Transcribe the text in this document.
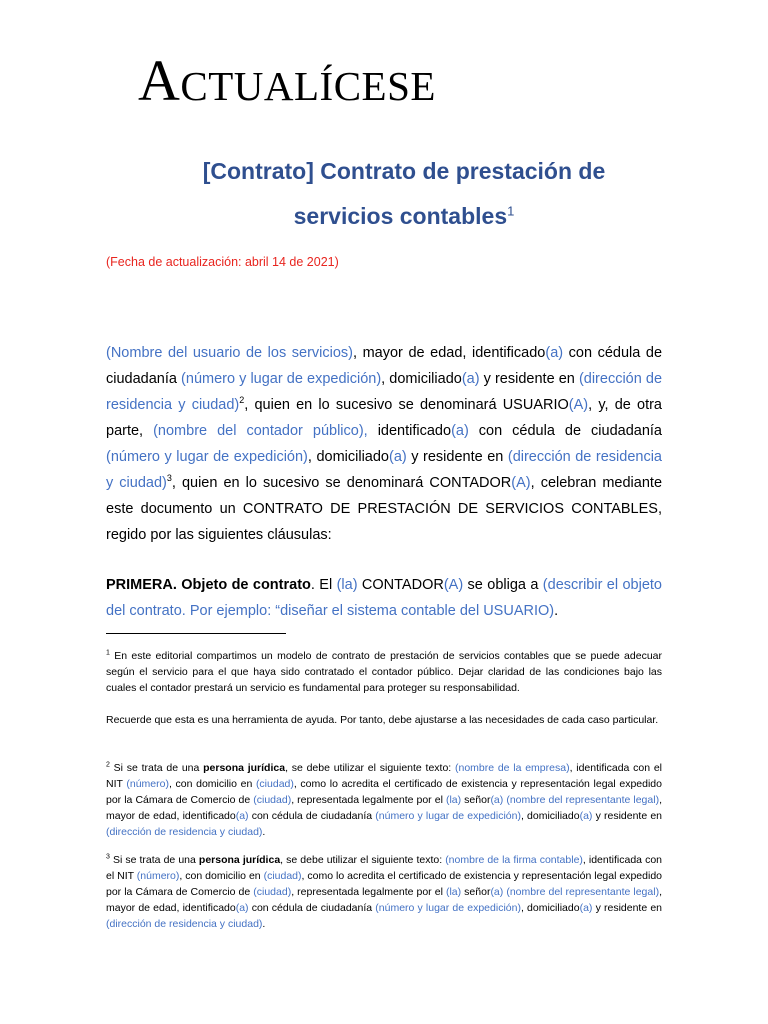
Actualícese
[Contrato] Contrato de prestación de
servicios contables$^1$

(Fecha de actualización: abril 14 de 2021)

(Nombre del usuario de los servicios), mayor de edad, identificado(a) con cédula de ciudadanía (número y lugar de expedición), domiciliado(a) y residente en (dirección de residencia y ciudad)$^2$, quien en lo sucesivo se denominará USUARIO(A), y, de otra parte, (nombre del contador público), identificado(a) con cédula de ciudadanía (número y lugar de expedición), domiciliado(a) y residente en (dirección de residencia y ciudad)$^3$, quien en lo sucesivo se denominará CONTADOR(A), celebran mediante este documento un CONTRATO DE PRESTACIÓN DE SERVICIOS CONTABLES, regido por las siguientes cláusulas:

PRIMERA. Objeto de contrato. El (la) CONTADOR(A) se obliga a (describir el objeto del contrato. Por ejemplo: “diseñar el sistema contable del USUARIO).

$^1$ En este editorial compartimos un modelo de contrato de prestación de servicios contables que se puede adecuar según el servicio para el que haya sido contratado el contador público. Dejar claridad de las condiciones bajo las cuales el contador prestará un servicio es fundamental para proteger su responsabilidad.

Recuerde que esta es una herramienta de ayuda. Por tanto, debe ajustarse a las necesidades de cada caso particular.

$^2$ Si se trata de una persona jurídica, se debe utilizar el siguiente texto: (nombre de la empresa), identificada con el NIT (número), con domicilio en (ciudad), como lo acredita el certificado de existencia y representación legal expedido por la Cámara de Comercio de (ciudad), representada legalmente por el (la) señor(a) (nombre del representante legal), mayor de edad, identificado(a) con cédula de ciudadanía (número y lugar de expedición), domiciliado(a) y residente en (dirección de residencia y ciudad).

$^3$ Si se trata de una persona jurídica, se debe utilizar el siguiente texto: (nombre de la firma contable), identificada con el NIT (número), con domicilio en (ciudad), como lo acredita el certificado de existencia y representación legal expedido por la Cámara de Comercio de (ciudad), representada legalmente por el (la) señor(a) (nombre del representante legal), mayor de edad, identificado(a) con cédula de ciudadanía (número y lugar de expedición), domiciliado(a) y residente en (dirección de residencia y ciudad).
